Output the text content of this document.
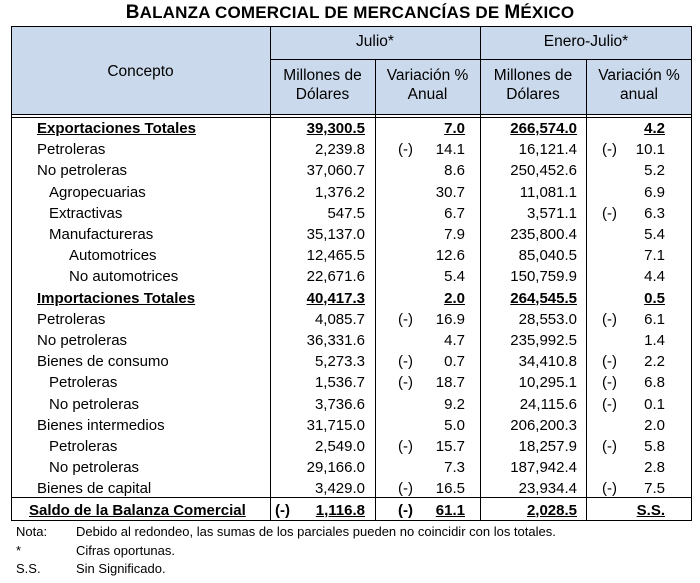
BALANZA COMERCIAL DE MERCANCÍAS DE MÉXICO
Concepto
Julio*	Enero-Julio*
Millones de
Dólares
Variación %
Anual
Millones de
Dólares
Variación %
anual
Exportaciones Totales	39,300.5	7.0	266,574.0	4.2
Petroleras	2,239.8 (-)	14.1	16,121.4 (-)	10.1
No petroleras	37,060.7	8.6	250,452.6	5.2
Agropecuarias	1,376.2	30.7	11,081.1	6.9
Extractivas	547.5	6.7	3,571.1 (-)	6.3
Manufactureras	35,137.0	7.9	235,800.4	5.4
Automotrices	12,465.5	12.6	85,040.5	7.1
No automotrices	22,671.6	5.4	150,759.9	4.4
Importaciones Totales	40,417.3	2.0	264,545.5	0.5
Petroleras	4,085.7 (-)	16.9	28,553.0 (-)	6.1
No petroleras	36,331.6	4.7	235,992.5	1.4
Bienes de consumo	5,273.3 (-)	0.7	34,410.8 (-)	2.2
Petroleras	1,536.7 (-)	18.7	10,295.1 (-)	6.8
No petroleras	3,736.6	9.2	24,115.6 (-)	0.1
Bienes intermedios	31,715.0	5.0	206,200.3	2.0
Petroleras	2,549.0 (-)	15.7	18,257.9 (-)	5.8
No petroleras	29,166.0	7.3	187,942.4	2.8
Bienes de capital	3,429.0 (-)	16.5	23,934.4 (-)	7.5
Saldo de la Balanza Comercial	(-)	1,116.8 (-)	61.1	2,028.5	S.S.
Nota: Debido al redondeo, las sumas de los parciales pueden no coincidir con los totales.
*	Cifras oportunas.
S.S.	Sin Significado.
